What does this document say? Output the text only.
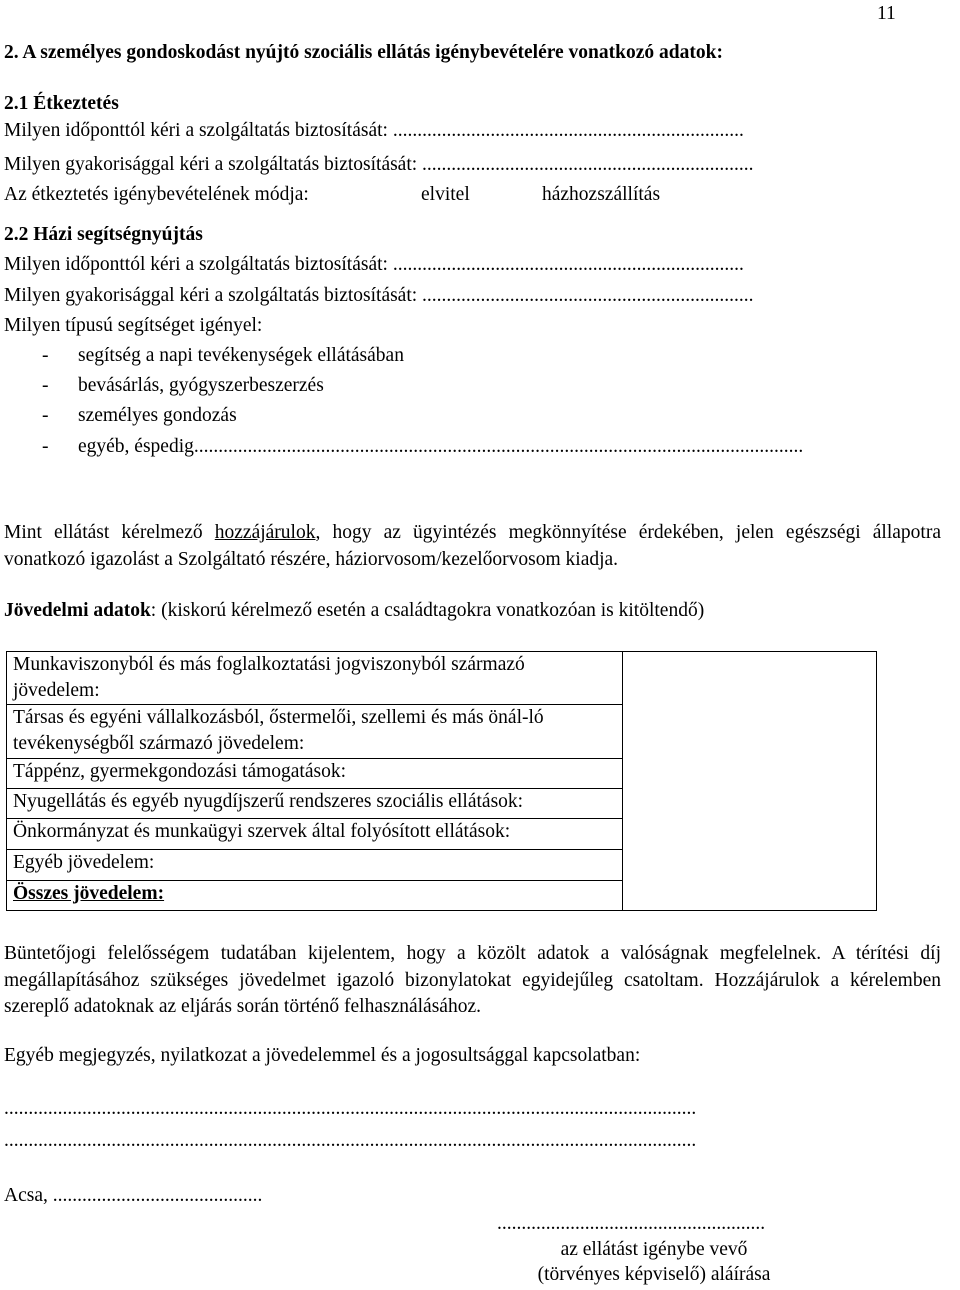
11
2. A személyes gondoskodást nyújtó szociális ellátás igénybevételére vonatkozó adatok:
2.1 Étkeztetés
Milyen időponttól kéri a szolgáltatás biztosítását: ........................................................................
Milyen gyakorisággal kéri a szolgáltatás biztosítását: ....................................................................
Az étkeztetés igénybevételének módja:	elvitel	házhozszállítás
2.2 Házi segítségnyújtás
Milyen időponttól kéri a szolgáltatás biztosítását: ........................................................................
Milyen gyakorisággal kéri a szolgáltatás biztosítását: ....................................................................
Milyen típusú segítséget igényel:
- segítség a napi tevékenységek ellátásában
- bevásárlás, gyógyszerbeszerzés
- személyes gondozás
- egyéb, éspedig.............................................................................................................................
Mint ellátást kérelmező hozzájárulok, hogy az ügyintézés megkönnyítése érdekében, jelen egészségi állapotra vonatkozó igazolást a Szolgáltató részére, háziorvosom/kezelőorvosom kiadja.
Jövedelmi adatok: (kiskorú kérelmező esetén a családtagokra vonatkozóan is kitöltendő)
Munkaviszonyból és más foglalkoztatási jogviszonyból származó jövedelem:	
Társas és egyéni vállalkozásból, őstermelői, szellemi és más önál-ló tevékenységből származó jövedelem:
Táppénz, gyermekgondozási támogatások:
Nyugellátás és egyéb nyugdíjszerű rendszeres szociális ellátások:
Önkormányzat és munkaügyi szervek által folyósított ellátások:
Egyéb jövedelem:
Összes jövedelem:
Büntetőjogi felelősségem tudatában kijelentem, hogy a közölt adatok a valóságnak megfelelnek. A térítési díj megállapításához szükséges jövedelmet igazoló bizonylatokat egyidejűleg csatoltam. Hozzájárulok a kérelemben szereplő adatoknak az eljárás során történő felhasználásához.
Egyéb megjegyzés, nyilatkozat a jövedelemmel és a jogosultsággal kapcsolatban:
..............................................................................................................................................
..............................................................................................................................................
Acsa, ...........................................
.......................................................
az ellátást igénybe vevő
(törvényes képviselő) aláírása
